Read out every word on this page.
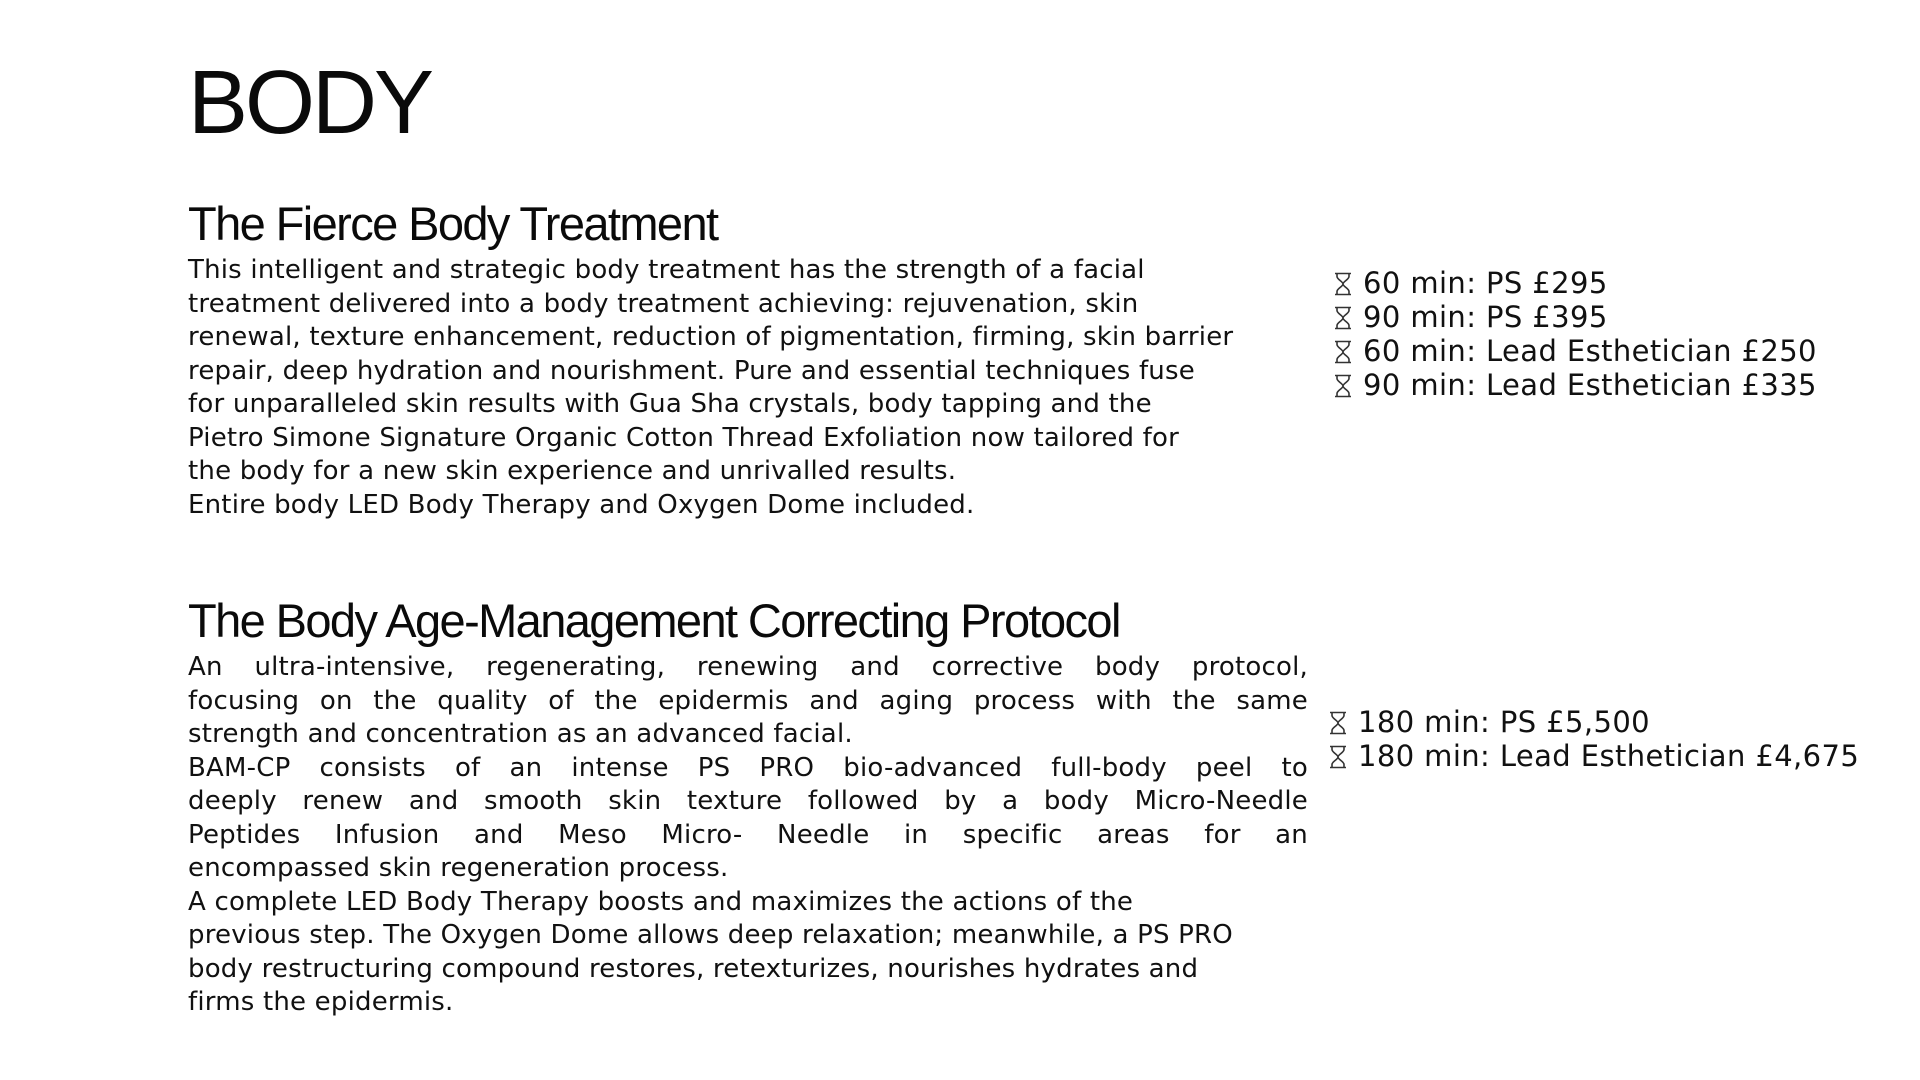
BODY
The Fierce Body Treatment

This intelligent and strategic body treatment has the strength of a facial

treatment delivered into a body treatment achieving: rejuvenation, skin

renewal, texture enhancement, reduction of pigmentation, firming, skin barrier

repair, deep hydration and nourishment. Pure and essential techniques fuse

for unparalleled skin results with Gua Sha crystals, body tapping and the

Pietro Simone Signature Organic Cotton Thread Exfoliation now tailored for

the body for a new skin experience and unrivalled results.

Entire body LED Body Therapy and Oxygen Dome included.

60 min: PS £295
90 min: PS £395
60 min: Lead Esthetician £250
90 min: Lead Esthetician £335
The Body Age-Management Correcting Protocol
An ultra-intensive, regenerating, renewing and corrective body protocol,
focusing on the quality of the epidermis and aging process with the same
strength and concentration as an advanced facial.
BAM-CP consists of an intense PS PRO bio-advanced full-body peel to
deeply renew and smooth skin texture followed by a body Micro-Needle
Peptides Infusion and Meso Micro- Needle in specific areas for an
encompassed skin regeneration process.
A complete LED Body Therapy boosts and maximizes the actions of the
previous step. The Oxygen Dome allows deep relaxation; meanwhile, a PS PRO
body restructuring compound restores, retexturizes, nourishes hydrates and
firms the epidermis.
180 min: PS £5,500
180 min: Lead Esthetician £4,675
